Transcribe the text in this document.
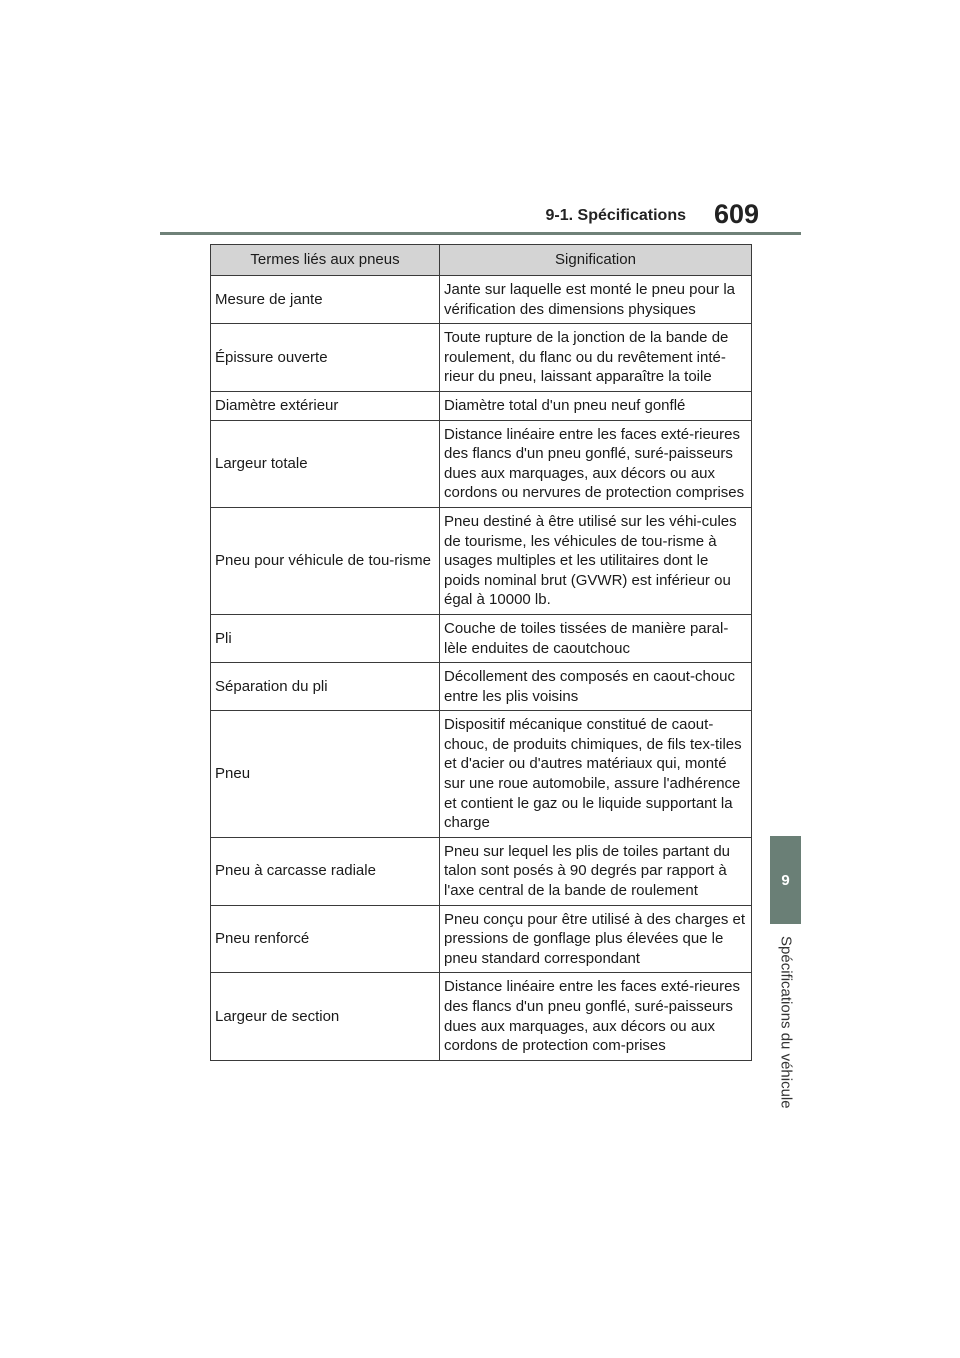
9-1. Spécifications 609
9
Spécifications du véhicule
Termes liés aux pneus	Signification
Mesure de jante	Jante sur laquelle est monté le pneu pour la vérification des dimensions physiques
Épissure ouverte	Toute rupture de la jonction de la bande de roulement, du flanc ou du revêtement inté-rieur du pneu, laissant apparaître la toile
Diamètre extérieur	Diamètre total d'un pneu neuf gonflé
Largeur totale	Distance linéaire entre les faces exté-rieures des flancs d'un pneu gonflé, suré-paisseurs dues aux marquages, aux décors ou aux cordons ou nervures de protection comprises
Pneu pour véhicule de tou-risme	Pneu destiné à être utilisé sur les véhi-cules de tourisme, les véhicules de tou-risme à usages multiples et les utilitaires dont le poids nominal brut (GVWR) est inférieur ou égal à 10000 lb.
Pli	Couche de toiles tissées de manière paral-lèle enduites de caoutchouc
Séparation du pli	Décollement des composés en caout-chouc entre les plis voisins
Pneu	Dispositif mécanique constitué de caout-chouc, de produits chimiques, de fils tex-tiles et d'acier ou d'autres matériaux qui, monté sur une roue automobile, assure l'adhérence et contient le gaz ou le liquide supportant la charge
Pneu à carcasse radiale	Pneu sur lequel les plis de toiles partant du talon sont posés à 90 degrés par rapport à l'axe central de la bande de roulement
Pneu renforcé	Pneu conçu pour être utilisé à des charges et pressions de gonflage plus élevées que le pneu standard correspondant
Largeur de section	Distance linéaire entre les faces exté-rieures des flancs d'un pneu gonflé, suré-paisseurs dues aux marquages, aux décors ou aux cordons de protection com-prises
